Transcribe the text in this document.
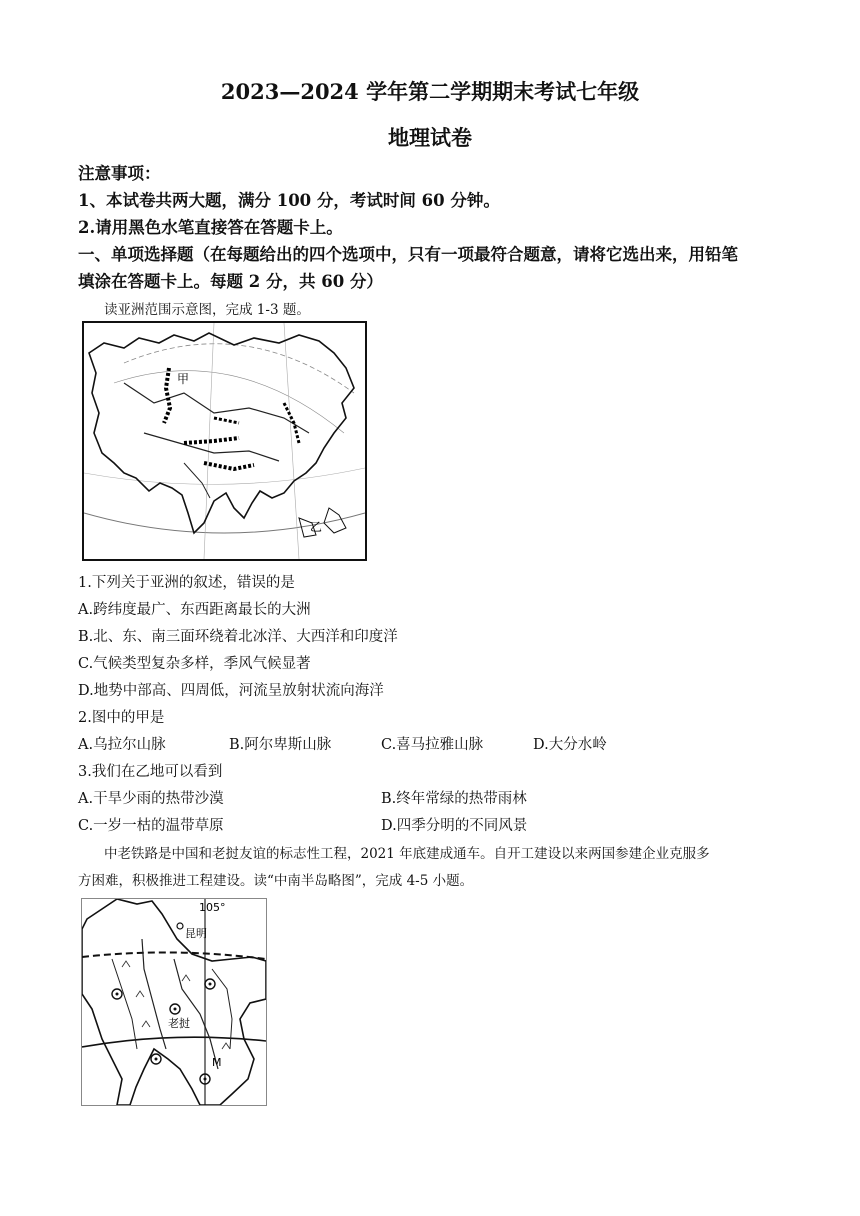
2023—2024 学年第二学期期末考试七年级
地理试卷
注意事项：
1、本试卷共两大题，满分 100 分，考试时间 60 分钟。
2.请用黑色水笔直接答在答题卡上。
一、单项选择题（在每题给出的四个选项中，只有一项最符合题意，请将它选出来，用铅笔
填涂在答题卡上。每题 2 分，共 60 分）
读亚洲范围示意图，完成 1-3 题。
甲
乙
1.下列关于亚洲的叙述，错误的是
A.跨纬度最广、东西距离最长的大洲
B.北、东、南三面环绕着北冰洋、大西洋和印度洋
C.气候类型复杂多样，季风气候显著
D.地势中部高、四周低，河流呈放射状流向海洋
2.图中的甲是
A.乌拉尔山脉	B.阿尔卑斯山脉	C.喜马拉雅山脉	D.大分水岭
3.我们在乙地可以看到
A.干旱少雨的热带沙漠	B.终年常绿的热带雨林
C.一岁一枯的温带草原	D.四季分明的不同风景
中老铁路是中国和老挝友谊的标志性工程，2021 年底建成通车。自开工建设以来两国参建企业克服多
方困难，积极推进工程建设。读“中南半岛略图”，完成 4-5 小题。
105°
昆明
老挝
M
